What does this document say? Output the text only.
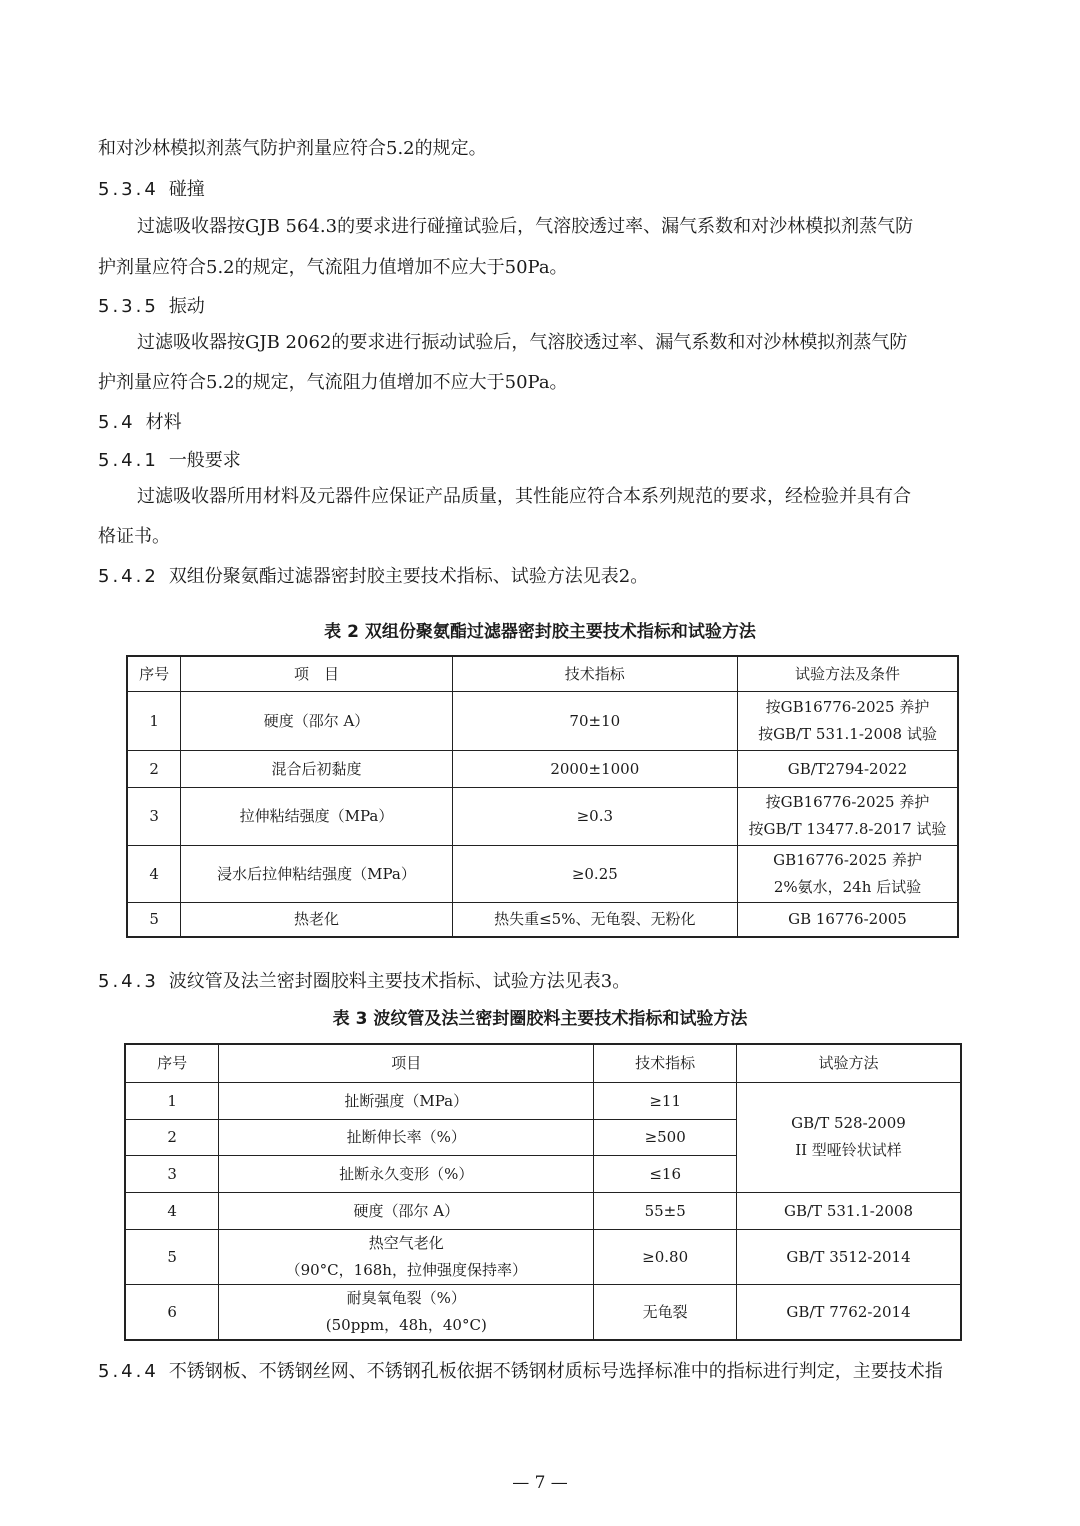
和对沙林模拟剂蒸气防护剂量应符合5.2的规定。
5.3.4 碰撞
过滤吸收器按GJB 564.3的要求进行碰撞试验后，气溶胶透过率、漏气系数和对沙林模拟剂蒸气防
护剂量应符合5.2的规定，气流阻力值增加不应大于50Pa。
5.3.5 振动
过滤吸收器按GJB 2062的要求进行振动试验后，气溶胶透过率、漏气系数和对沙林模拟剂蒸气防
护剂量应符合5.2的规定，气流阻力值增加不应大于50Pa。
5.4 材料
5.4.1 一般要求
过滤吸收器所用材料及元器件应保证产品质量，其性能应符合本系列规范的要求，经检验并具有合
格证书。
5.4.2 双组份聚氨酯过滤器密封胶主要技术指标、试验方法见表2。
表 2 双组份聚氨酯过滤器密封胶主要技术指标和试验方法
序号	项　目	技术指标	试验方法及条件
1	硬度（邵尔 A）	70±10	按GB16776-2025 养护
按GB/T 531.1-2008 试验

2	混合后初黏度	2000±1000	GB/T2794-2022
3	拉伸粘结强度（MPa）	≥0.3	按GB16776-2025 养护
按GB/T 13477.8-2017 试验

4	浸水后拉伸粘结强度（MPa）	≥0.25	GB16776-2025 养护
2%氨水，24h 后试验

5	热老化	热失重≤5%、无龟裂、无粉化	GB 16776-2005
5.4.3 波纹管及法兰密封圈胶料主要技术指标、试验方法见表3。
表 3 波纹管及法兰密封圈胶料主要技术指标和试验方法
序号	项目	技术指标	试验方法
1	扯断强度（MPa）	≥11	GB/T 528-2009
II 型哑铃状试样

2	扯断伸长率（%）	≥500	
3	扯断永久变形（%）	≤16	
4	硬度（邵尔 A）	55±5	GB/T 531.1-2008
5	热空气老化
（90°C，168h，拉伸强度保持率）	≥0.80	GB/T 3512-2014
6	耐臭氧龟裂（%）
(50ppm，48h，40°C)	无龟裂	GB/T 7762-2014
5.4.4 不锈钢板、不锈钢丝网、不锈钢孔板依据不锈钢材质标号选择标准中的指标进行判定，主要技术指
— 7 —
